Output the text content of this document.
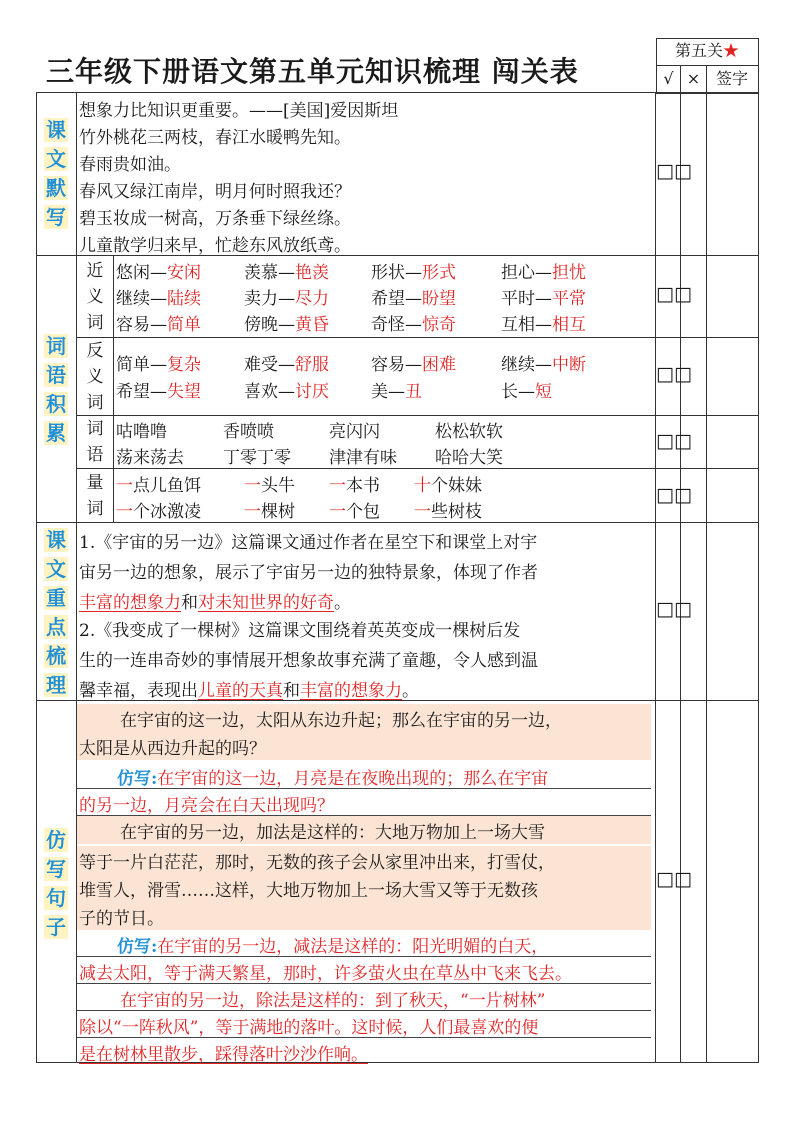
三年级下册语文第五单元知识梳理 闯关表
第五关★
√ × 签字
课
文
默
写
想象力比知识更重要。——[美国]爱因斯坦
竹外桃花三两枝，春江水暖鸭先知。
春雨贵如油。
春风又绿江南岸，明月何时照我还？
碧玉妆成一树高，万条垂下绿丝绦。
儿童散学归来早，忙趁东风放纸鸢。
□□
词
语
积
累
近
义
词
悠闲—安闲	羡慕—艳羡 形状—形式	担心—担忧
继续—陆续	卖力—尽力 希望—盼望	平时—平常
容易—简单	傍晚—黄昏 奇怪—惊奇	互相—相互
□□
反
义
词
简单—复杂	难受—舒服 容易—困难	继续—中断
希望—失望	喜欢—讨厌 美—丑	长—短
□□
词
语
咕噜噜	香喷喷	亮闪闪	松松软软
荡来荡去 丁零丁零 津津有味 哈哈大笑
□□
量
词
一点儿鱼饵	一头牛 一本书 十个妹妹
一个冰激凌	一棵树 一个包 一些树枝
□□
课
文
重
点
梳
理
1.《宇宙的另一边》这篇课文通过作者在星空下和课堂上对宇
宙另一边的想象，展示了宇宙另一边的独特景象，体现了作者
丰富的想象力和对未知世界的好奇。
2.《我变成了一棵树》这篇课文围绕着英英变成一棵树后发
生的一连串奇妙的事情展开想象故事充满了童趣，令人感到温
馨幸福，表现出儿童的天真和丰富的想象力。
□□
仿
写
句
子
在宇宙的这一边，太阳从东边升起；那么在宇宙的另一边，
太阳是从西边升起的吗？
仿写:在宇宙的这一边，月亮是在夜晚出现的；那么在宇宙
的另一边，月亮会在白天出现吗？
在宇宙的另一边，加法是这样的：大地万物加上一场大雪
等于一片白茫茫，那时，无数的孩子会从家里冲出来，打雪仗，
堆雪人，滑雪……这样，大地万物加上一场大雪又等于无数孩
子的节日。
仿写:在宇宙的另一边，减法是这样的：阳光明媚的白天，
减去太阳，等于满天繁星，那时，许多萤火虫在草丛中飞来飞去。
在宇宙的另一边，除法是这样的：到了秋天，“一片树林”
除以“一阵秋风”，等于满地的落叶。这时候，人们最喜欢的便
是在树林里散步，踩得落叶沙沙作响。
□□
